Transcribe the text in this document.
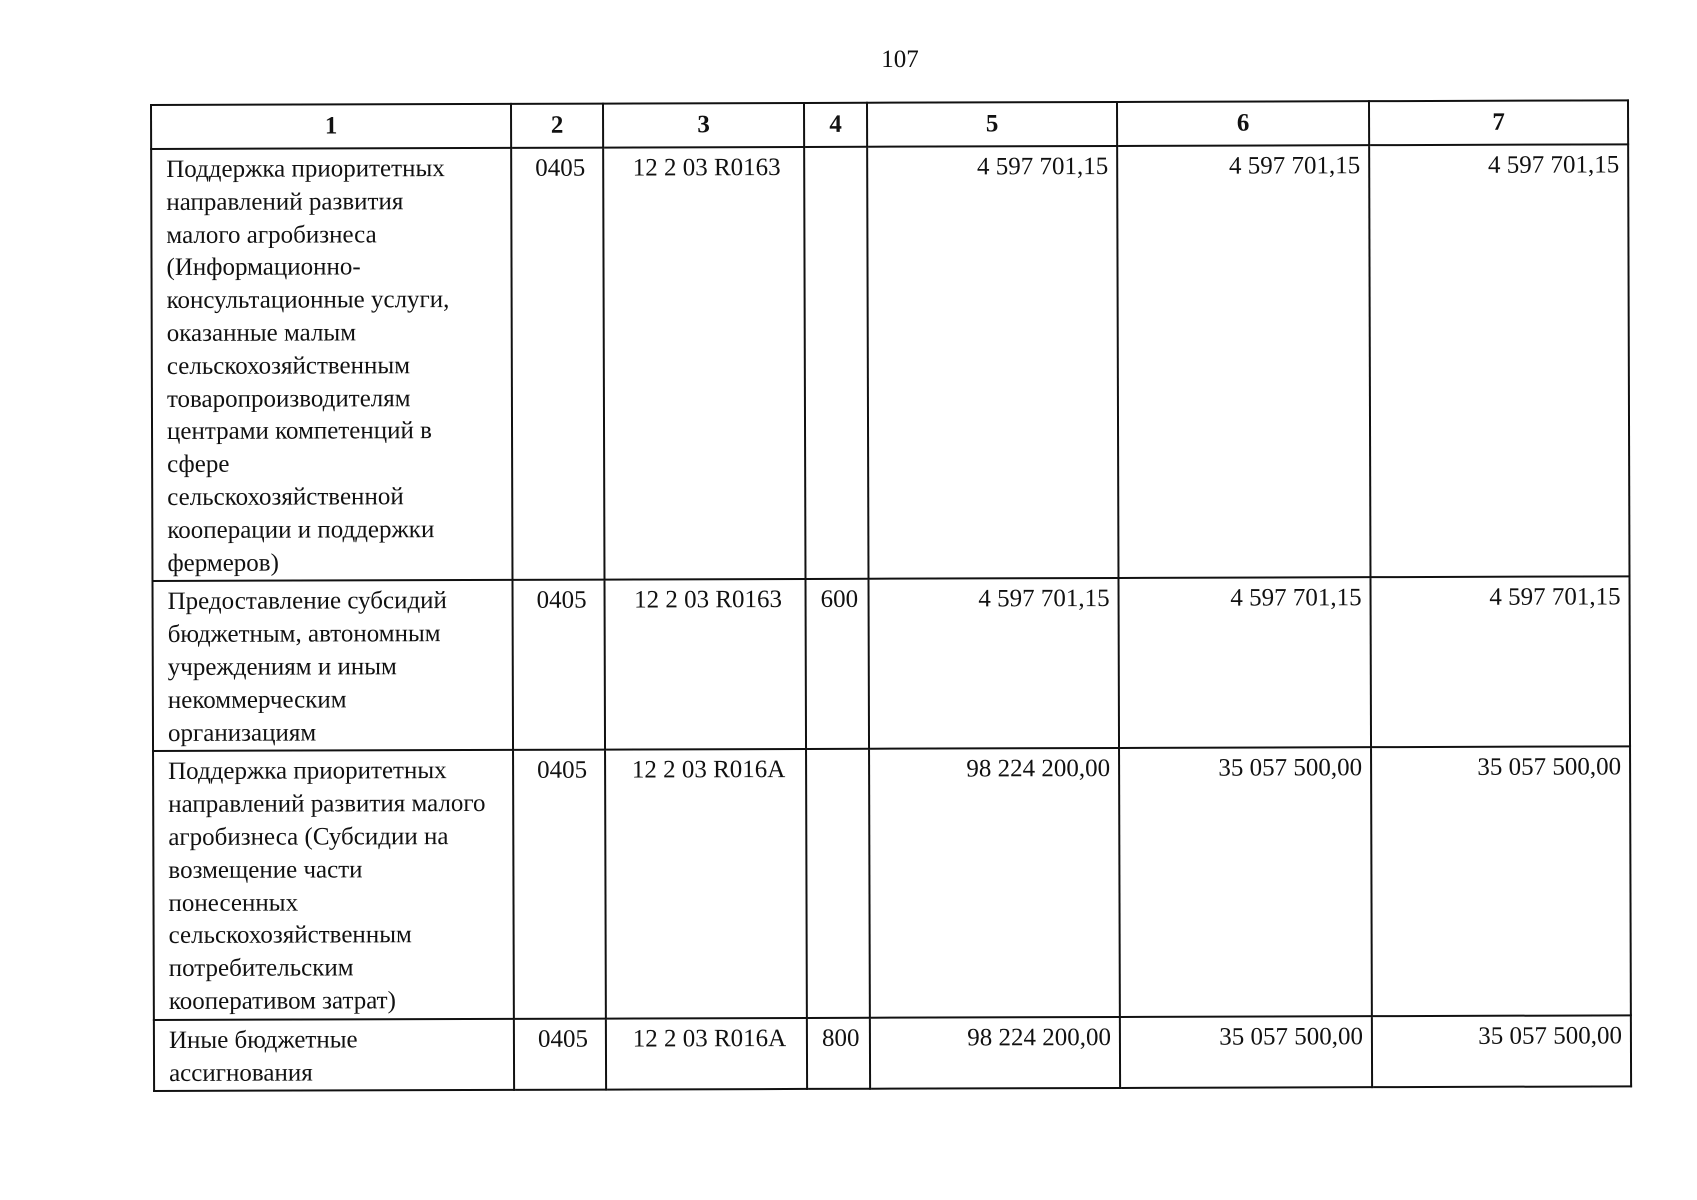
107
1	2	3	4	5	6	7

Поддержка приоритетных направлений развития малого агробизнеса (Информационно-консультационные услуги, оказанные малым сельскохозяйственным товаропроизводителям центрами компетенций в сфере сельскохозяйственной кооперации и поддержки фермеров)	0405	12 2 03 R0163		4 597 701,15	4 597 701,15	4 597 701,15

Предоставление субсидий бюджетным, автономным учреждениям и иным некоммерческим организациям	0405	12 2 03 R0163	600	4 597 701,15	4 597 701,15	4 597 701,15

Поддержка приоритетных направлений развития малого агробизнеса (Субсидии на возмещение части понесенных сельскохозяйственным потребительским кооперативом затрат)	0405	12 2 03 R016A		98 224 200,00	35 057 500,00	35 057 500,00

Иные бюджетные ассигнования	0405	12 2 03 R016A	800	98 224 200,00	35 057 500,00	35 057 500,00
